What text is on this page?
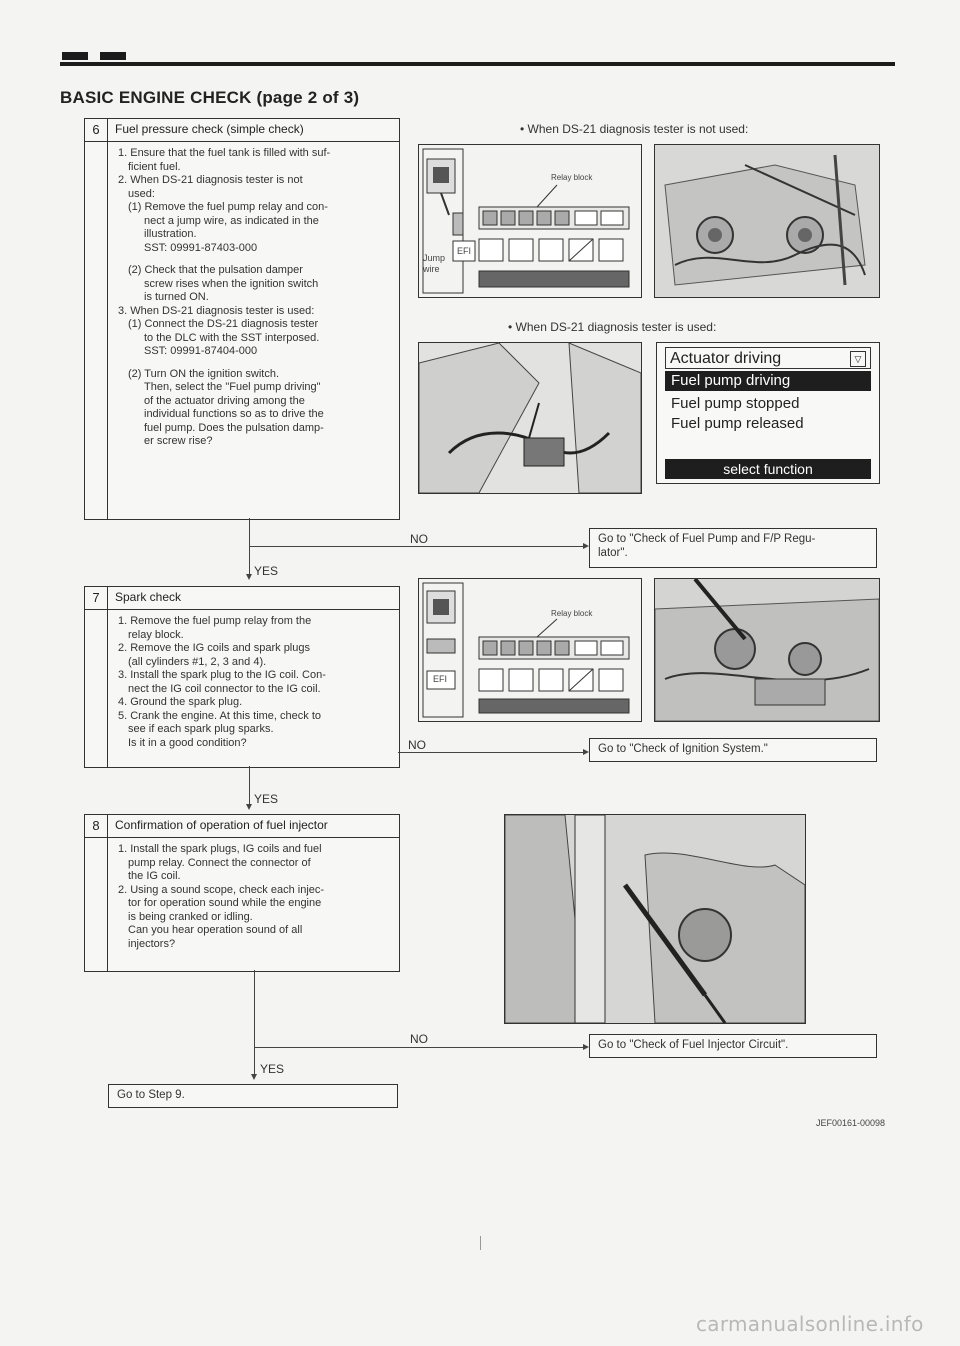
BASIC ENGINE CHECK (page 2 of 3)
6	Fuel pressure check (simple check)

1. Ensure that the fuel tank is filled with suf-

ficient fuel.

2. When DS-21 diagnosis tester is not

used:

(1) Remove the fuel pump relay and con-

nect a jump wire, as indicated in the

illustration.

SST: 09991-87403-000

(2) Check that the pulsation damper

screw rises when the ignition switch

is turned ON.

3. When DS-21 diagnosis tester is used:

(1) Connect the DS-21 diagnosis tester

to the DLC with the SST interposed.

SST: 09991-87404-000

(2) Turn ON the ignition switch.

Then, select the "Fuel pump driving"

of the actuator driving among the

individual functions so as to drive the

fuel pump. Does the pulsation damp-

er screw rise?

YES
NO	Go to "Check of Fuel Pump and F/P Regu-
lator".
7	Spark check

1. Remove the fuel pump relay from the

relay block.

2. Remove the IG coils and spark plugs

(all cylinders #1, 2, 3 and 4).

3. Install the spark plug to the IG coil. Con-

nect the IG coil connector to the IG coil.

4. Ground the spark plug.

5. Crank the engine. At this time, check to

see if each spark plug sparks.

Is it in a good condition?

YES
NO	Go to "Check of Ignition System."
8	Confirmation of operation of fuel injector

1. Install the spark plugs, IG coils and fuel

pump relay. Connect the connector of

the IG coil.

2. Using a sound scope, check each injec-

tor for operation sound while the engine

is being cranked or idling.

Can you hear operation sound of all

injectors?

YES
NO	Go to "Check of Fuel Injector Circuit".
Go to Step 9.
• When DS-21 diagnosis tester is not used:
Relay block
Jump
wire
EFI
• When DS-21 diagnosis tester is used:
Actuator driving	▽
Fuel pump driving
Fuel pump stopped
Fuel pump released
select function
Relay block
EFI
JEF00161-00098
carmanualsonline.info
